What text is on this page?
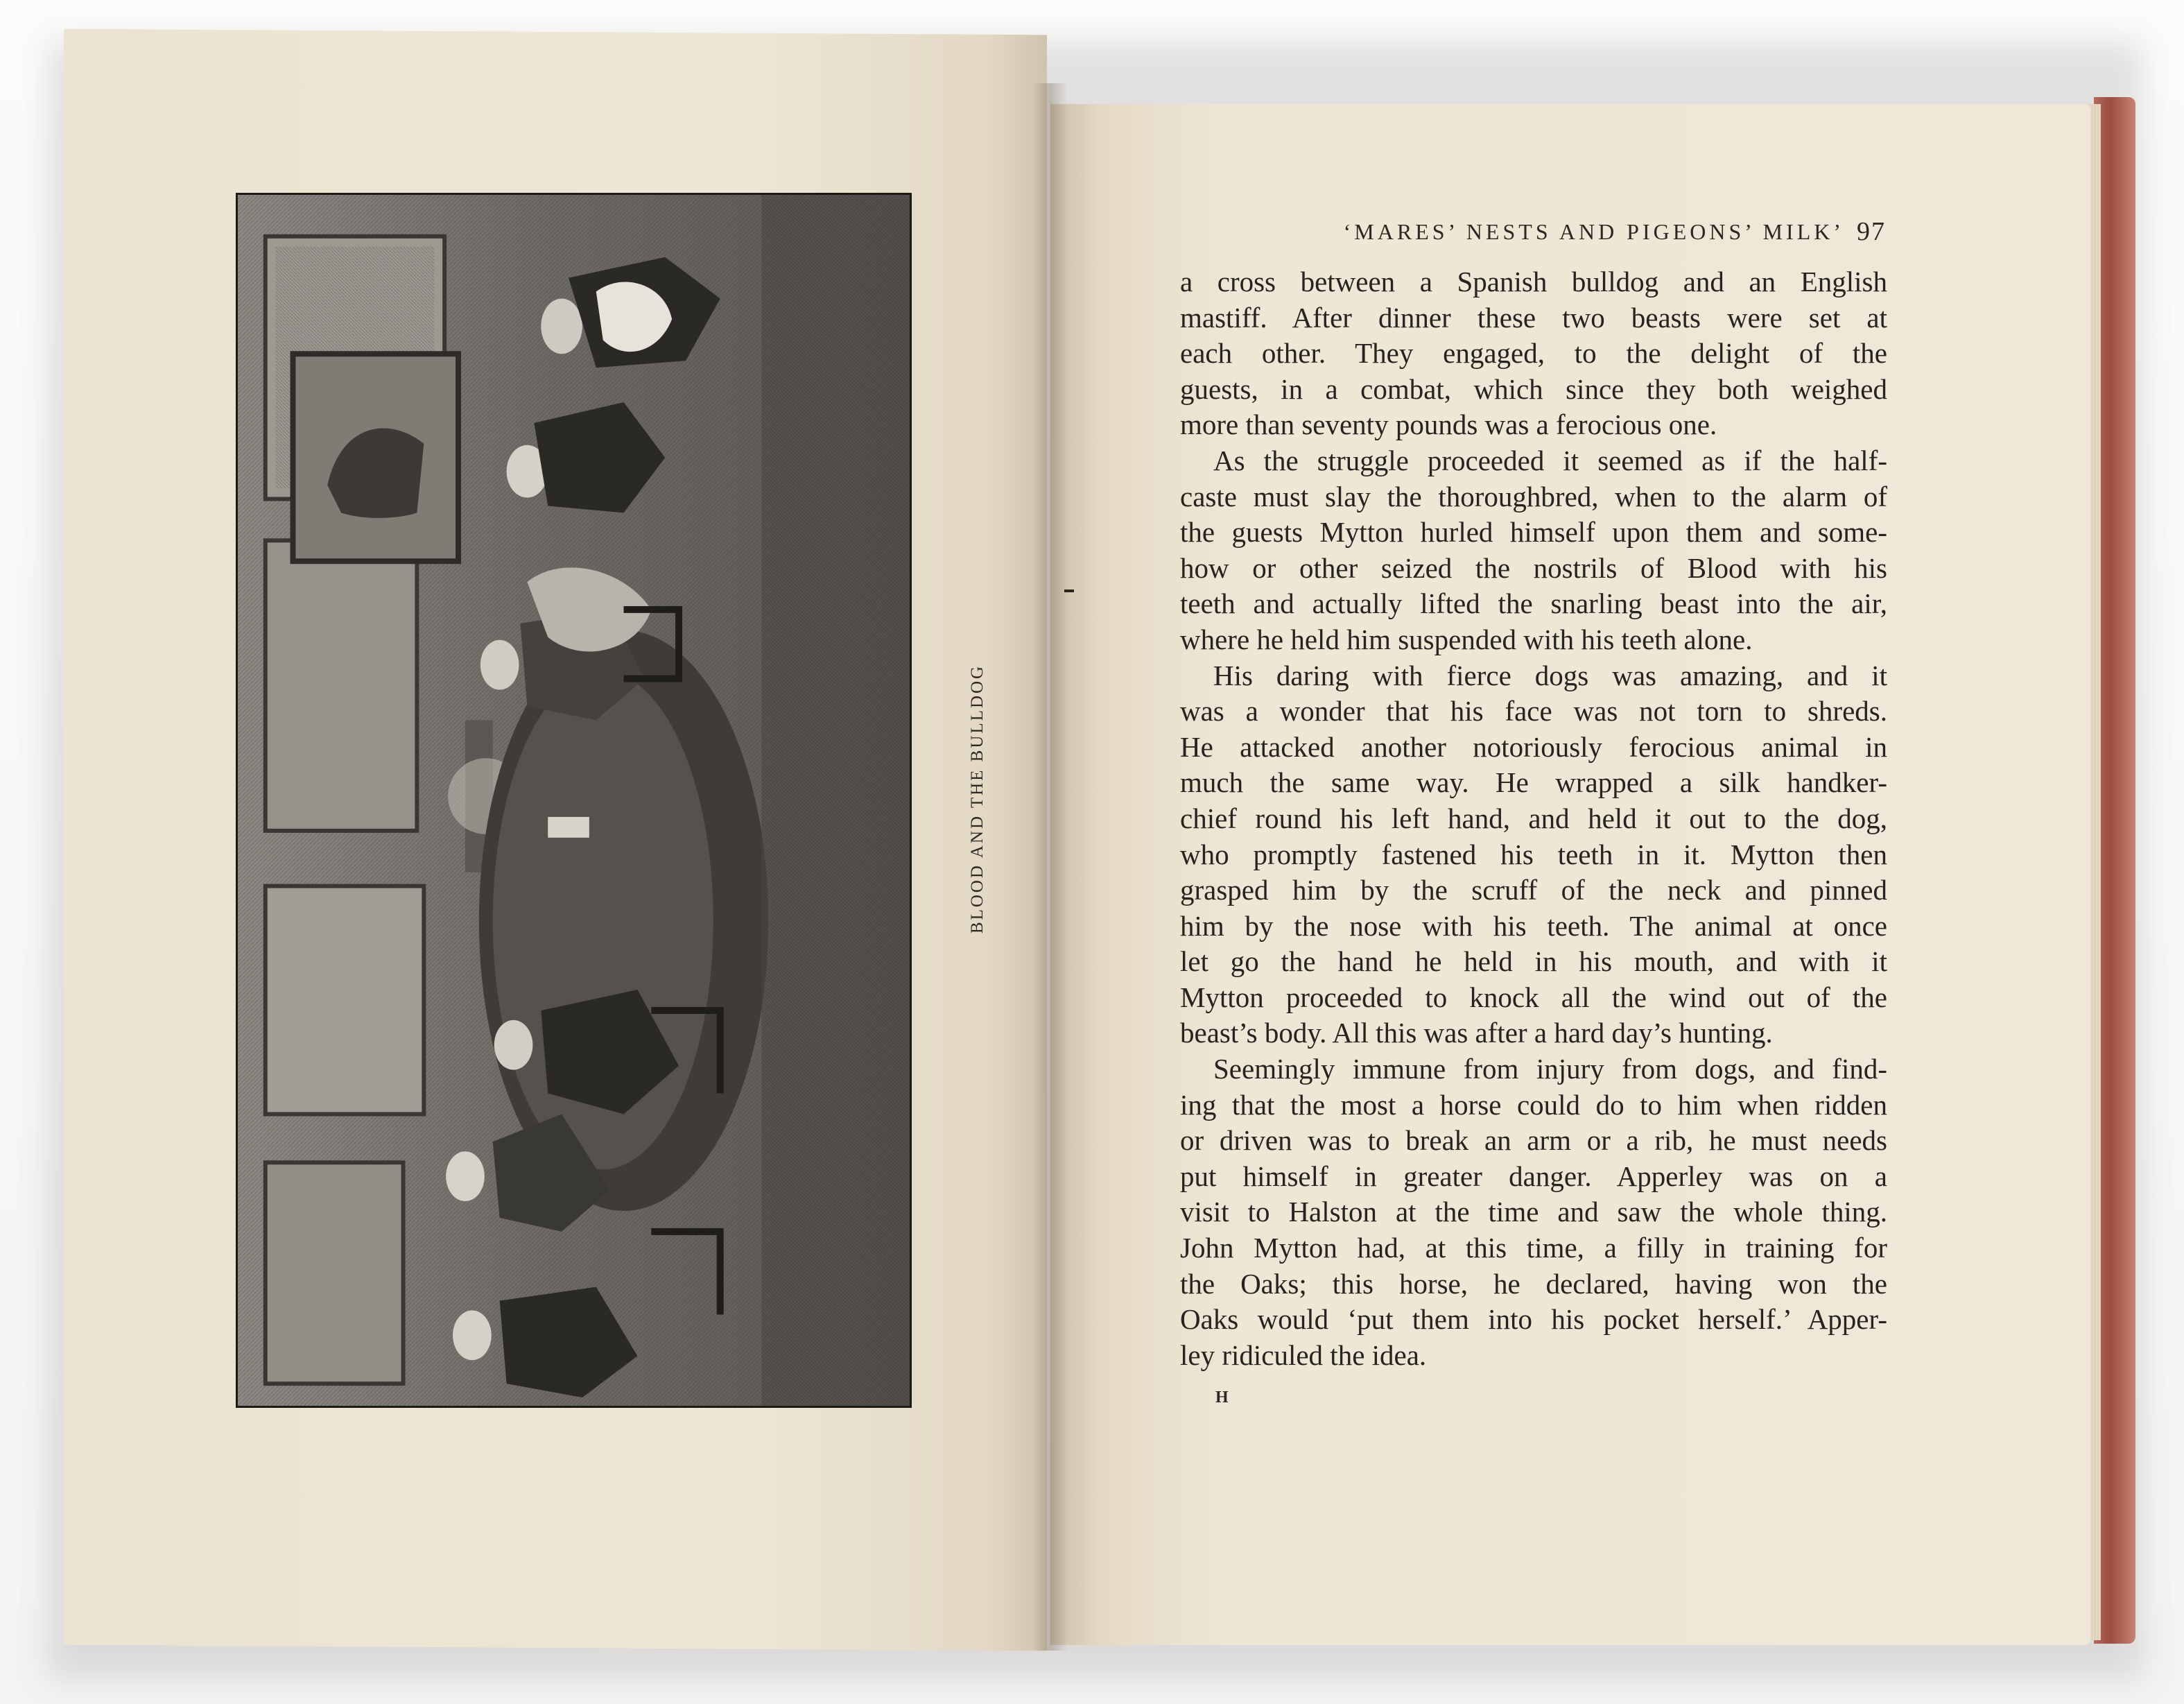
BLOOD AND THE BULLDOG
‘MARES’ NESTS AND PIGEONS’ MILK’ 97
a cross between a Spanish bulldog and an English
mastiff. After dinner these two beasts were set at
each other. They engaged, to the delight of the
guests, in a combat, which since they both weighed
more than seventy pounds was a ferocious one.
As the struggle proceeded it seemed as if the half-
caste must slay the thoroughbred, when to the alarm of
the guests Mytton hurled himself upon them and some-
how or other seized the nostrils of Blood with his
teeth and actually lifted the snarling beast into the air,
where he held him suspended with his teeth alone.
His daring with fierce dogs was amazing, and it
was a wonder that his face was not torn to shreds.
He attacked another notoriously ferocious animal in
much the same way. He wrapped a silk handker-
chief round his left hand, and held it out to the dog,
who promptly fastened his teeth in it. Mytton then
grasped him by the scruff of the neck and pinned
him by the nose with his teeth. The animal at once
let go the hand he held in his mouth, and with it
Mytton proceeded to knock all the wind out of the
beast’s body. All this was after a hard day’s hunting.
Seemingly immune from injury from dogs, and find-
ing that the most a horse could do to him when ridden
or driven was to break an arm or a rib, he must needs
put himself in greater danger. Apperley was on a
visit to Halston at the time and saw the whole thing.
John Mytton had, at this time, a filly in training for
the Oaks; this horse, he declared, having won the
Oaks would ‘put them into his pocket herself.’ Apper-
ley ridiculed the idea.
H
